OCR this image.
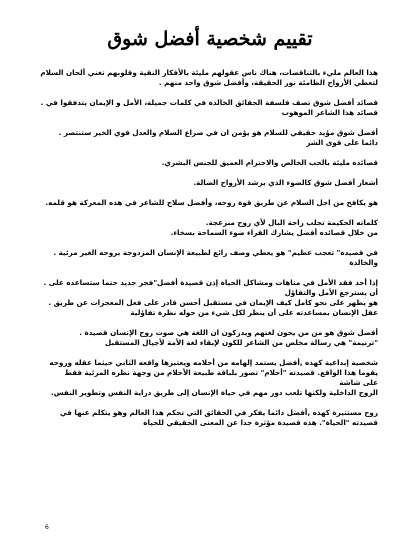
تقييم شخصية أفضل شوق

هذا العالم مليء بالتناقضات، هناك ناس عقولهم مليئة بالأفكار النقية وقلوبهم تغني ألحان السلام
لتعطي الأرواح الظامئة نور الحقيقة، وأفضل شوق واحد منهم .

قصائد أفضل شوق تصف فلسفة الحقائق الخالدة في كلمات جميلة، الأمل و الإيمان يتدفقوا في .
قصائد هذا الشاعر الموهوب

أفضل شوق مؤيد حقيقي للسلام هو يؤمن ان في صراع السلام والعدل قوي الخير ستنتصر .
دائما على قوى الشر

قصائده مليئة بالحب الخالص والاحترام العميق للجنس البشري.

أشعار أفضل شوق كالضوء الذي يرشد الأرواح الضالة.

هو يكافح من اجل السلام عن طريق قوة روحه، وأفضل سلاح للشاعر في هذه المعركة هو قلمه.

كلماته الحكيمة تجلب راحة البال لأي روح منزعجة.
من خلال قصائده أفضل يشارك القراء ضوء السماحة بسخاء.

في قصيدة" تعجب عظيم" هو يعطي وصف رائع لطبيعة الإنسان المزدوجة بروحه الغير مرئية .
والخالدة

إذا أحد فقد الأمل في متاهات ومشاكل الحياة إذن قصيدة أفضل"فجر جديد حتما ستساعده على .
أن يسترجع الأمل والتفاؤل
هو يظهر على نحو كامل كيف الإيمان في مستقبل أحسن قادر على فعل المعجزات عن طريق .
عقل الإنسان بمساعدته على أن ينظر لكل شيء من حوله نظرة تفاؤلية

أفضل شوق هو من من يحون لغتهم ويدركون ان اللغة هي صوت روح الإنسان قصيدة .
"ترنيمة" هي رسالة مخلص من الشاعر للكون لإبقاء لغة الأمة لأجيال المستقبل

شخصية إبداعية كهذه ,أفضل يستمد إلهامه من أحلامه ويعتبرها واقعه الثاني حيثما عقله وروحه
يقوما هذا الواقع. قصيدته "أحلام" تصور بلباقة طبيعة الأحلام من وجهة نظره المرئية فقط
على شاشة
الروح الداخلية ولكنها تلعب دور مهم في حياة الإنسان إلى طريق دراية النفس وتطوير النفس.

روح مستنيرة كهذه ,أفضل دائما يفكر في الحقائق التي تحكم هذا العالم وهو يتكلم عنها في
قصيدته "الحياة". هذه قصيدة مؤثرة جدا عن المعنى الحقيقي للحياه

6
